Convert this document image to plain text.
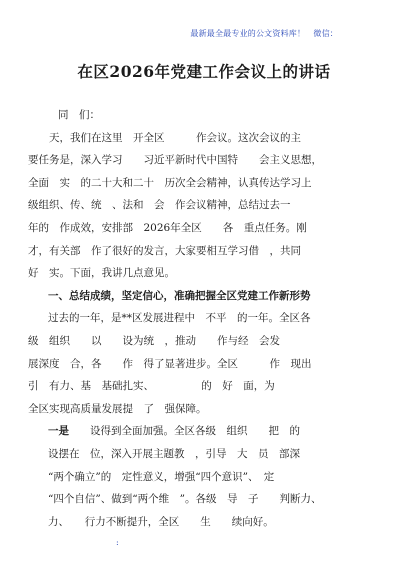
最新最全最专业的公文资料库！　 微信：
在区2026年党建工作会议上的讲话
同　们：
　　天，我们在这里　开全区　　　作会议。这次会议的主
要任务是，深入学习　　习近平新时代中国特　　会主义思想，
全面　实　的二十大和二十　历次全会精神，认真传达学习上
级组织、传、统　、法和　会　作会议精神，总结过去一
年的　作成效，安排部　2026年全区　　各　重点任务。刚
才，有关部　作了很好的发言，大家要相互学习借　，共同
好　实。下面，我讲几点意见。
一、总结成绩，坚定信心，准确把握全区党建工作新形势
过去的一年，是**区发展进程中　不平　的一年。全区各
级　组织　　以　　设为统　，推动　　作与经　会发
展深度　合，各　　作　得了显著进步。全区　　　作　现出
引　有力、基　基础扎实、　　　　　的　好　面，为
全区实现高质量发展提　了　强保障。
一是　　设得到全面加强。全区各级　组织　　把　的
设摆在　位，深入开展主题教　，引导　大　员　部深
“两个确立”的　定性意义，增强“四个意识”、　定
“四个自信”、做到“两个维　”。各级　导　子　　判断力、
力、　　行力不断提升，全区　　生　　续向好。
:
